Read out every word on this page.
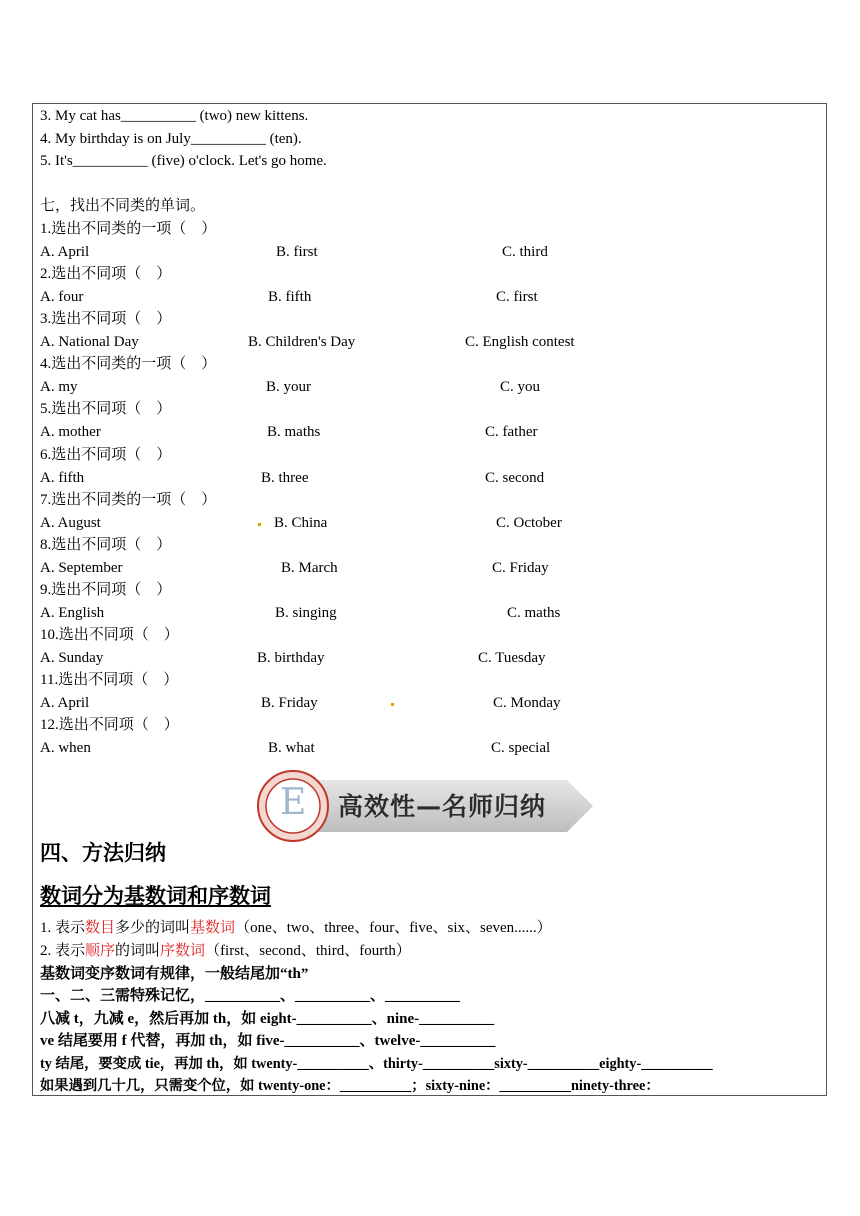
3. My cat has__________ (two) new kittens.
4. My birthday is on July__________ (ten).
5. It's__________ (five) o'clock. Let's go home.
七，找出不同类的单词。
1.选出不同类的一项（　）
A. April	B. first	C. third
2.选出不同项（　）
A. four	B. fifth	C. first
3.选出不同项（　）
A. National Day	B. Children's Day	C. English contest
4.选出不同类的一项（　）
A. my	B. your	C. you
5.选出不同项（　）
A. mother	B. maths	C. father
6.选出不同项（　）
A. fifth	B. three	C. second
7.选出不同类的一项（　）
A. August	B. China	C. October
8.选出不同项（　）
A. September	B. March	C. Friday
9.选出不同项（　）
A. English	B. singing	C. maths
10.选出不同项（　）
A. Sunday	B. birthday	C. Tuesday
11.选出不同项（　）
A. April	B. Friday	C. Monday
12.选出不同项（　）
A. when	B. what	C. special
E 高效性—名师归纳
四、方法归纳
数词分为基数词和序数词
1. 表示数目多少的词叫基数词（one、two、three、four、five、six、seven......）
2. 表示顺序的词叫序数词（first、second、third、fourth）
基数词变序数词有规律，一般结尾加“th”
一、二、三需特殊记忆，__________、__________、__________
八减 t，九减 e，然后再加 th，如 eight-__________、nine-__________
ve 结尾要用 f 代替，再加 th，如 five-__________、twelve-__________
ty 结尾，要变成 tie，再加 th，如 twenty-__________、thirty-__________sixty-__________eighty-__________
如果遇到几十几，只需变个位，如 twenty-one：__________；sixty-nine：__________ninety-three：
